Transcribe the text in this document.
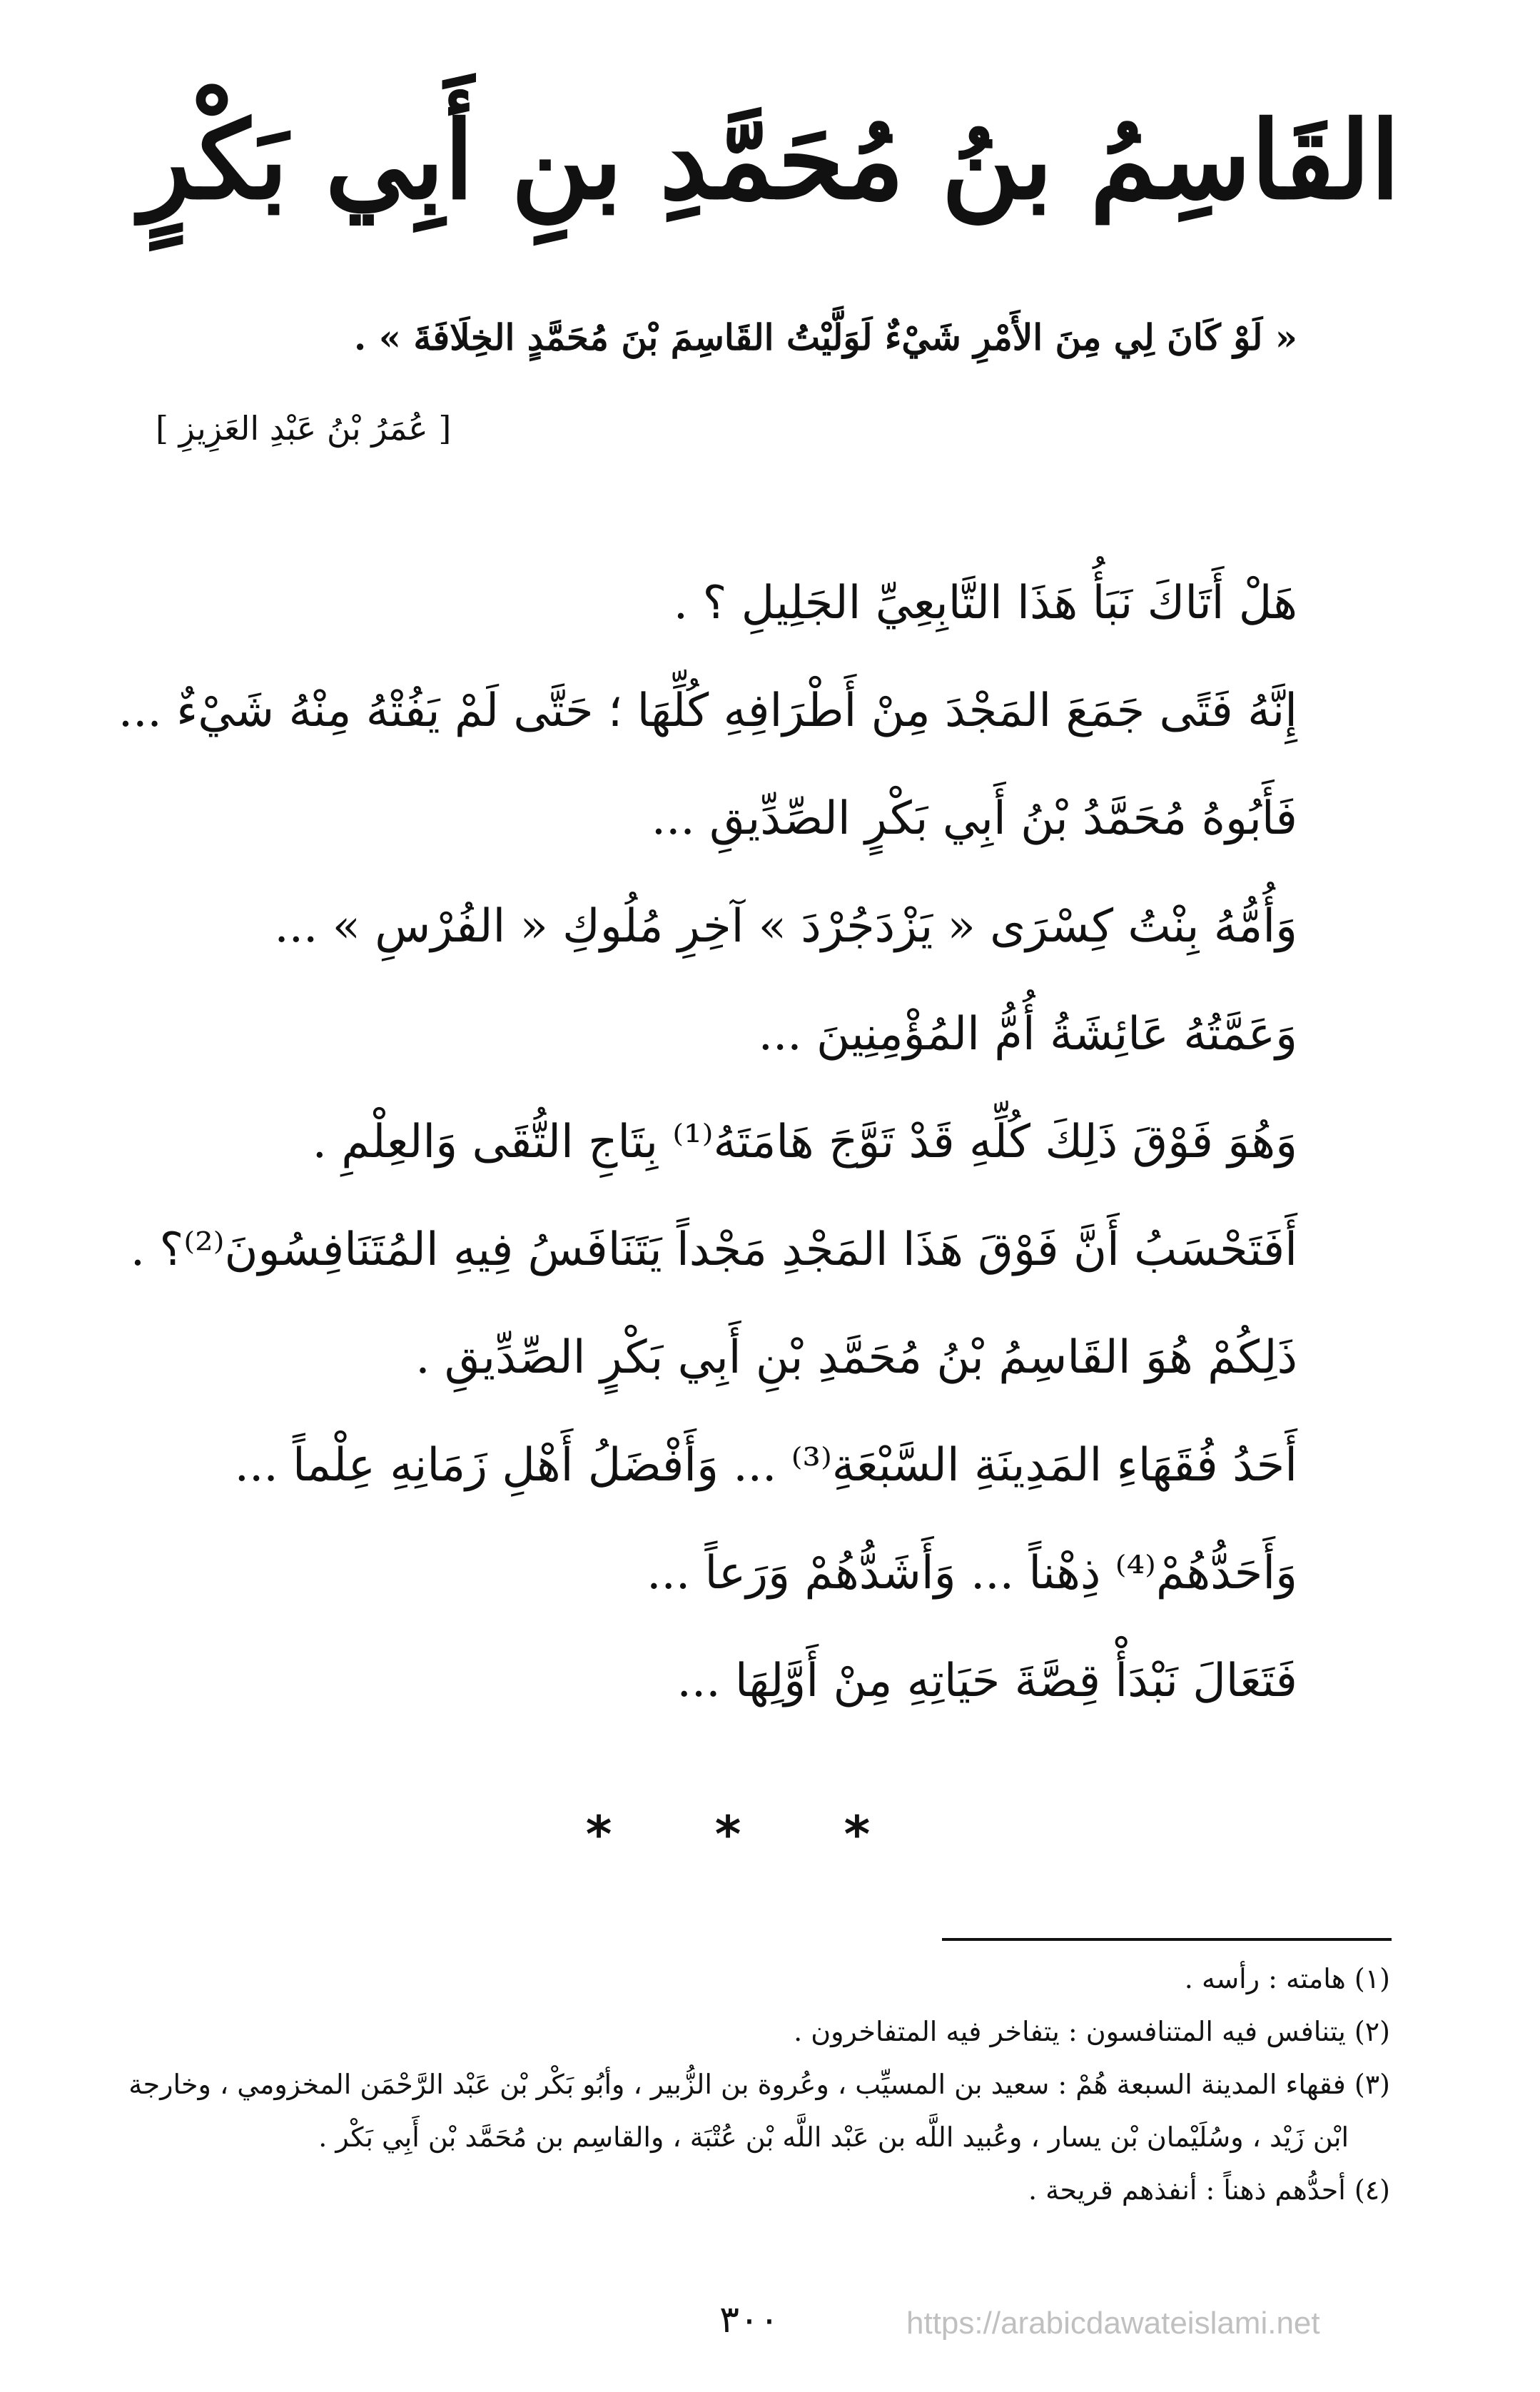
القَاسِمُ بنُ مُحَمَّدِ بنِ أَبِي بَكْرٍ
« لَوْ كَانَ لِي مِنَ الأَمْرِ شَيْءٌ لَوَلَّيْتُ القَاسِمَ بْنَ مُحَمَّدٍ الخِلَافَةَ » .
[ عُمَرُ بْنُ عَبْدِ العَزِيزِ ]
هَلْ أَتَاكَ نَبَأُ هَذَا التَّابِعِيِّ الجَلِيلِ ؟ .
إِنَّهُ فَتًى جَمَعَ المَجْدَ مِنْ أَطْرَافِهِ كُلِّهَا ؛ حَتَّى لَمْ يَفُتْهُ مِنْهُ شَيْءٌ ...
فَأَبُوهُ مُحَمَّدُ بْنُ أَبِي بَكْرٍ الصِّدِّيقِ ...
وَأُمُّهُ بِنْتُ كِسْرَى « يَزْدَجُرْدَ » آخِرِ مُلُوكِ « الفُرْسِ » ...
وَعَمَّتُهُ عَائِشَةُ أُمُّ المُؤْمِنِينَ ...
وَهُوَ فَوْقَ ذَلِكَ كُلِّهِ قَدْ تَوَّجَ هَامَتَهُ⁽¹⁾ بِتَاجِ التُّقَى وَالعِلْمِ .
أَفَتَحْسَبُ أَنَّ فَوْقَ هَذَا المَجْدِ مَجْداً يَتَنَافَسُ فِيهِ المُتَنَافِسُونَ⁽²⁾؟ .
ذَلِكُمْ هُوَ القَاسِمُ بْنُ مُحَمَّدِ بْنِ أَبِي بَكْرٍ الصِّدِّيقِ .
أَحَدُ فُقَهَاءِ المَدِينَةِ السَّبْعَةِ⁽³⁾ ... وَأَفْضَلُ أَهْلِ زَمَانِهِ عِلْماً ...
وَأَحَدُّهُمْ⁽⁴⁾ ذِهْناً ... وَأَشَدُّهُمْ وَرَعاً ...
فَتَعَالَ نَبْدَأْ قِصَّةَ حَيَاتِهِ مِنْ أَوَّلِهَا ...
* * *
(١) هامته : رأسه .
(٢) يتنافس فيه المتنافسون : يتفاخر فيه المتفاخرون .
(٣) فقهاء المدينة السبعة هُمْ : سعيد بن المسيِّب ، وعُروة بن الزُّبير ، وأبُو بَكْر بْن عَبْد الرَّحْمَن المخزومي ، وخارجة
ابْن زَيْد ، وسُلَيْمان بْن يسار ، وعُبيد اللَّه بن عَبْد اللَّه بْن عُتْبَة ، والقاسِم بن مُحَمَّد بْن أَبِي بَكْر .
(٤) أحدُّهم ذهناً : أنفذهم قريحة .
٣٠٠	https://arabicdawateislami.net
